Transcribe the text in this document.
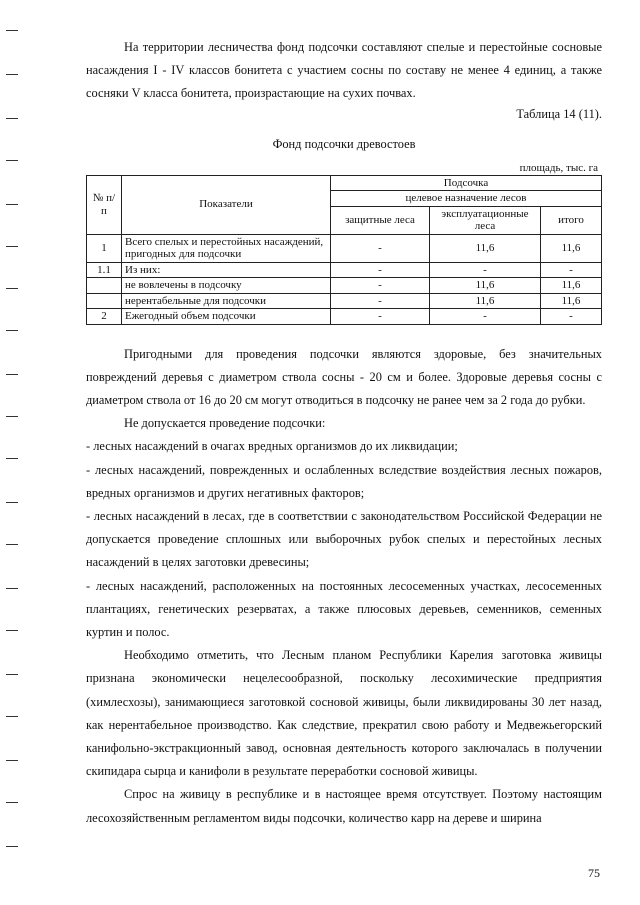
На территории лесничества фонд подсочки составляют спелые и перестойные сосновые насаждения I - IV классов бонитета с участием сосны по составу не менее 4 единиц, а также сосняки V класса бонитета, произрастающие на сухих почвах.

Таблица 14 (11).
Фонд подсочки древостоев
площадь, тыс. га
№ п/п	Показатели	Подсочка		
		целевое назначение лесов		
		защитные леса	эксплуатационные леса	итого
1	Всего спелых и перестойных насаждений, пригодных для подсочки	-	11,6	11,6
1.1	Из них:	-	-	-
	не вовлечены в подсочку	-	11,6	11,6
	нерентабельные для подсочки	-	11,6	11,6
2	Ежегодный объем подсочки	-	-	-

Пригодными для проведения подсочки являются здоровые, без значительных повреждений деревья с диаметром ствола сосны - 20 см и более. Здоровые деревья сосны с диаметром ствола от 16 до 20 см могут отводиться в подсочку не ранее чем за 2 года до рубки.

Не допускается проведение подсочки:

- лесных насаждений в очагах вредных организмов до их ликвидации;

- лесных насаждений, поврежденных и ослабленных вследствие воздействия лесных пожаров, вредных организмов и других негативных факторов;

- лесных насаждений в лесах, где в соответствии с законодательством Российской Федерации не допускается проведение сплошных или выборочных рубок спелых и перестойных лесных насаждений в целях заготовки древесины;

- лесных насаждений, расположенных на постоянных лесосеменных участках, лесосеменных плантациях, генетических резерватах, а также плюсовых деревьев, семенников, семенных куртин и полос.

Необходимо отметить, что Лесным планом Республики Карелия заготовка живицы признана экономически нецелесообразной, поскольку лесохимические предприятия (химлесхозы), занимающиеся заготовкой сосновой живицы, были ликвидированы 30 лет назад, как нерентабельное производство. Как следствие, прекратил свою работу и Медвежьегорский канифольно-экстракционный завод, основная деятельность которого заключалась в получении скипидара сырца и канифоли в результате переработки сосновой живицы.

Спрос на живицу в республике и в настоящее время отсутствует. Поэтому настоящим лесохозяйственным регламентом виды подсочки, количество карр на дереве и ширина

75
